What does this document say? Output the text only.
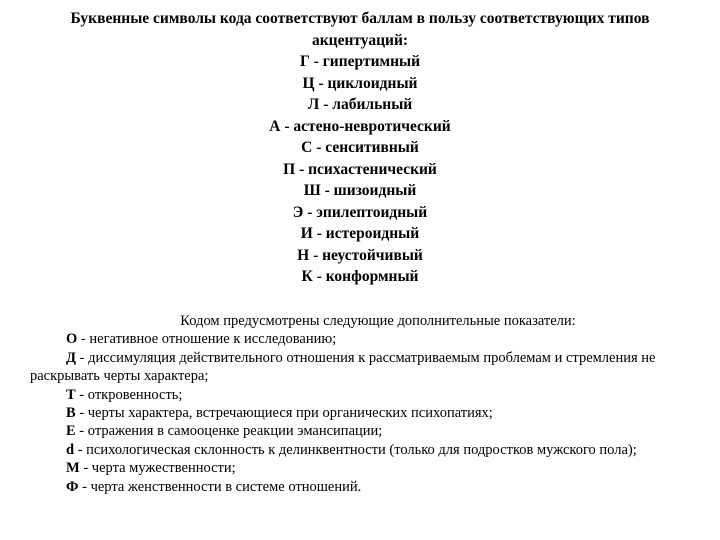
Буквенные символы кода соответствуют баллам в пользу соответствующих типов акцентуаций:
Г - гипертимный
Ц - циклоидный
Л - лабильный
А - астено-невротический
С - сенситивный
П - психастенический
Ш - шизоидный
Э - эпилептоидный
И - истероидный
Н - неустойчивый
К - конформный
Кодом предусмотрены следующие дополнительные показатели:
О - негативное отношение к исследованию;
Д - диссимуляция действительного отношения к рассматриваемым проблемам и стремления не раскрывать черты характера;
Т - откровенность;
В - черты характера, встречающиеся при органических психопатиях;
Е - отражения в самооценке реакции эмансипации;
d - психологическая склонность к делинквентности (только для подростков мужского пола);
М - черта мужественности;
Ф - черта женственности в системе отношений.
